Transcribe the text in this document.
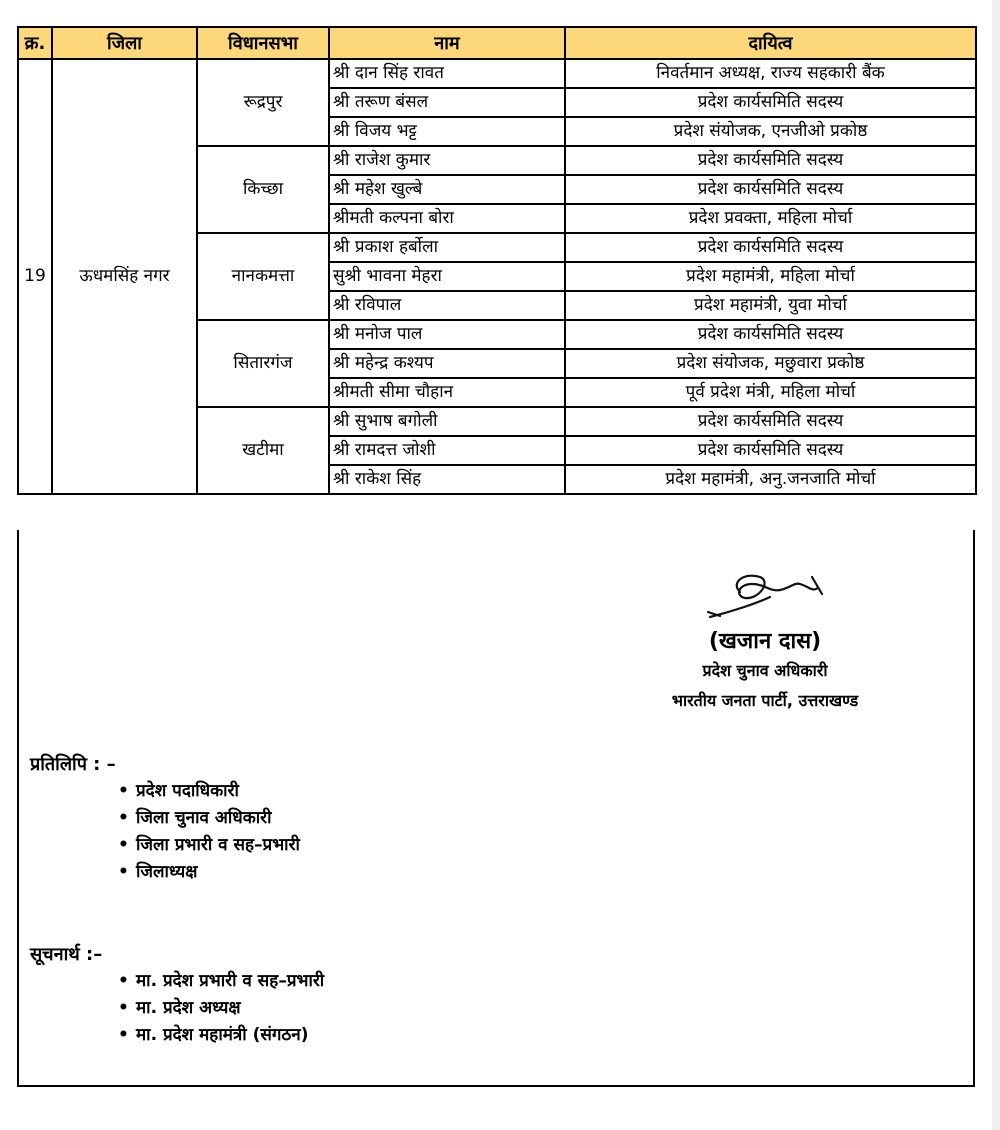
क्र.	जिला	विधानसभा	नाम	दायित्व
19	ऊधमसिंह नगर	रूद्रपुर	श्री दान सिंह रावत	निवर्तमान अध्यक्ष, राज्य सहकारी बैंक
			श्री तरूण बंसल	प्रदेश कार्यसमिति सदस्य
			श्री विजय भट्ट	प्रदेश संयोजक, एनजीओ प्रकोष्ठ
		किच्छा	श्री राजेश कुमार	प्रदेश कार्यसमिति सदस्य
			श्री महेश खुल्बे	प्रदेश कार्यसमिति सदस्य
			श्रीमती कल्पना बोरा	प्रदेश प्रवक्ता, महिला मोर्चा
		नानकमत्ता	श्री प्रकाश हर्बोला	प्रदेश कार्यसमिति सदस्य
			सुश्री भावना मेहरा	प्रदेश महामंत्री, महिला मोर्चा
			श्री रविपाल	प्रदेश महामंत्री, युवा मोर्चा
		सितारगंज	श्री मनोज पाल	प्रदेश कार्यसमिति सदस्य
			श्री महेन्द्र कश्यप	प्रदेश संयोजक, मछुवारा प्रकोष्ठ
			श्रीमती सीमा चौहान	पूर्व प्रदेश मंत्री, महिला मोर्चा
		खटीमा	श्री सुभाष बगोली	प्रदेश कार्यसमिति सदस्य
			श्री रामदत्त जोशी	प्रदेश कार्यसमिति सदस्य
			श्री राकेश सिंह	प्रदेश महामंत्री, अनु.जनजाति मोर्चा
(खजान दास)
प्रदेश चुनाव अधिकारी
भारतीय जनता पार्टी, उत्तराखण्ड
प्रतिलिपि : –
• प्रदेश पदाधिकारी
• जिला चुनाव अधिकारी
• जिला प्रभारी व सह–प्रभारी
• जिलाध्यक्ष
सूचनार्थ :–
• मा. प्रदेश प्रभारी व सह–प्रभारी
• मा. प्रदेश अध्यक्ष
• मा. प्रदेश महामंत्री (संगठन)
